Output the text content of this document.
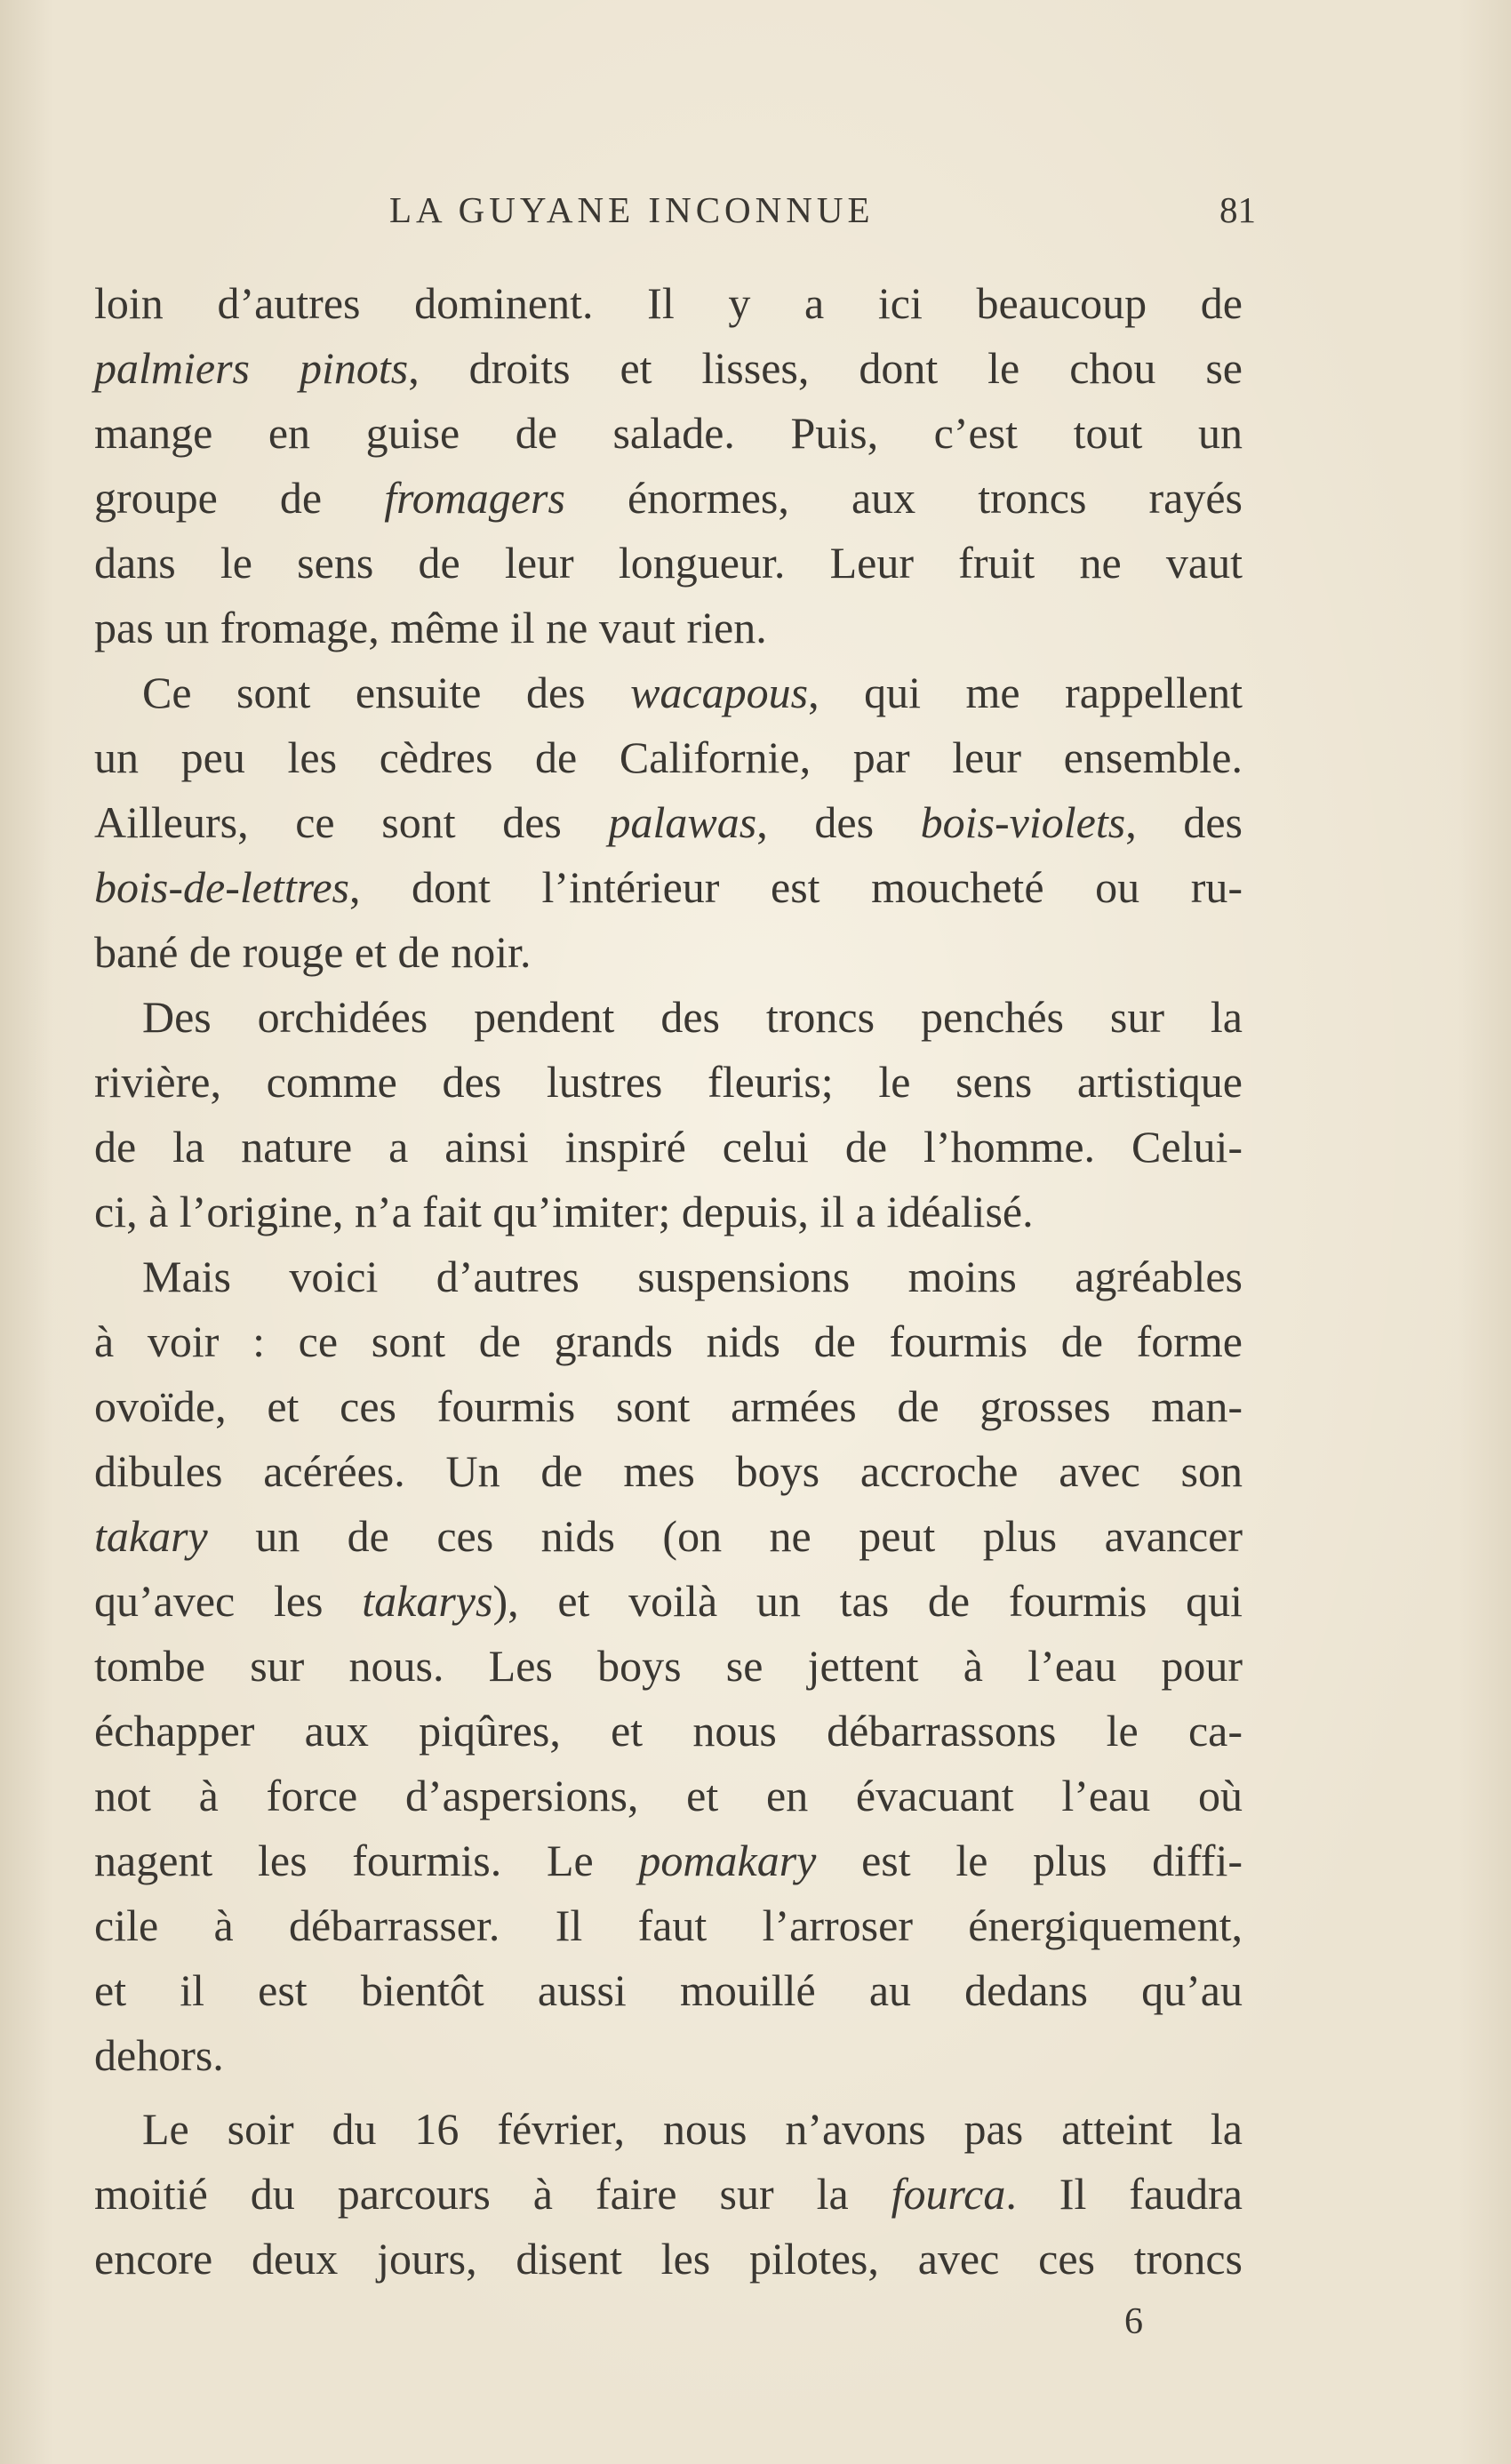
LA GUYANE INCONNUE	81
loin d’autres dominent. Il y a ici beaucoup de
palmiers pinots, droits et lisses, dont le chou se
mange en guise de salade. Puis, c’est tout un
groupe de fromagers énormes, aux troncs rayés
dans le sens de leur longueur. Leur fruit ne vaut
pas un fromage, même il ne vaut rien.
Ce sont ensuite des wacapous, qui me rappellent
un peu les cèdres de Californie, par leur ensemble.
Ailleurs, ce sont des palawas, des bois-violets, des
bois-de-lettres, dont l’intérieur est moucheté ou ru-
bané de rouge et de noir.
Des orchidées pendent des troncs penchés sur la
rivière, comme des lustres fleuris; le sens artistique
de la nature a ainsi inspiré celui de l’homme. Celui-
ci, à l’origine, n’a fait qu’imiter; depuis, il a idéalisé.
Mais voici d’autres suspensions moins agréables
à voir : ce sont de grands nids de fourmis de forme
ovoïde, et ces fourmis sont armées de grosses man-
dibules acérées. Un de mes boys accroche avec son
takary un de ces nids (on ne peut plus avancer
qu’avec les takarys), et voilà un tas de fourmis qui
tombe sur nous. Les boys se jettent à l’eau pour
échapper aux piqûres, et nous débarrassons le ca-
not à force d’aspersions, et en évacuant l’eau où
nagent les fourmis. Le pomakary est le plus diffi-
cile à débarrasser. Il faut l’arroser énergiquement,
et il est bientôt aussi mouillé au dedans qu’au
dehors.
Le soir du 16 février, nous n’avons pas atteint la
moitié du parcours à faire sur la fourca. Il faudra
encore deux jours, disent les pilotes, avec ces troncs
6
